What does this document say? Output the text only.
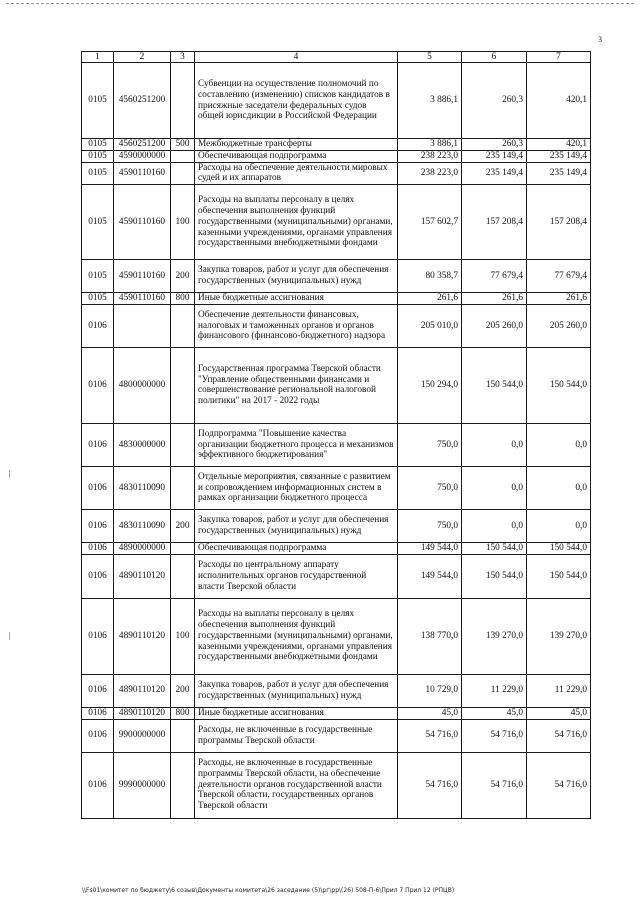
3
1	2	3	4	5	6	7
0105	4560251200		Субвенции на осуществление полномочий по составлению (изменению) списков кандидатов в присяжные заседатели федеральных судов общей юрисдикции в Российской Федерации	3 886,1	260,3	420,1
0105	4560251200	500	Межбюджетные трансферты	3 886,1	260,3	420,1
0105	4590000000		Обеспечивающая подпрограмма	238 223,0	235 149,4	235 149,4
0105	4590110160		Расходы на обеспечение деятельности мировых судей и их аппаратов	238 223,0	235 149,4	235 149,4
0105	4590110160	100	Расходы на выплаты персоналу в целях обеспечения выполнения функций государственными (муниципальными) органами, казенными учреждениями, органами управления государственными внебюджетными фондами	157 602,7	157 208,4	157 208,4
0105	4590110160	200	Закупка товаров, работ и услуг для обеспечения государственных (муниципальных) нужд	80 358,7	77 679,4	77 679,4
0105	4590110160	800	Иные бюджетные ассигнования	261,6	261,6	261,6
0106			Обеспечение деятельности финансовых, налоговых и таможенных органов и органов финансового (финансово-бюджетного) надзора	205 010,0	205 260,0	205 260,0
0106	4800000000		Государственная программа Тверской области "Управление общественными финансами и совершенствование региональной налоговой политики" на 2017 - 2022 годы	150 294,0	150 544,0	150 544,0
0106	4830000000		Подпрограмма "Повышение качества организации бюджетного процесса и механизмов эффективного бюджетирования"	750,0	0,0	0,0
0106	4830110090		Отдельные мероприятия, связанные с развитием и сопровождением информационных систем в рамках организации бюджетного процесса	750,0	0,0	0,0
0106	4830110090	200	Закупка товаров, работ и услуг для обеспечения государственных (муниципальных) нужд	750,0	0,0	0,0
0106	4890000000		Обеспечивающая подпрограмма	149 544,0	150 544,0	150 544,0
0106	4890110120		Расходы по центральному аппарату исполнительных органов государственной власти Тверской области	149 544,0	150 544,0	150 544,0
0106	4890110120	100	Расходы на выплаты персоналу в целях обеспечения выполнения функций государственными (муниципальными) органами, казенными учреждениями, органами управления государственными внебюджетными фондами	138 770,0	139 270,0	139 270,0
0106	4890110120	200	Закупка товаров, работ и услуг для обеспечения государственных (муниципальных) нужд	10 729,0	11 229,0	11 229,0
0106	4890110120	800	Иные бюджетные ассигнования	45,0	45,0	45,0
0106	9900000000		Расходы, не включенные в государственные программы Тверской области	54 716,0	54 716,0	54 716,0
0106	9990000000		Расходы, не включенные в государственные программы Тверской области, на обеспечение деятельности органов государственной власти Тверской области, государственных органов Тверской области	54 716,0	54 716,0	54 716,0
\\Fs01\комитет по бюджету\6 созыв\Документы комитета\26 заседание (5)\рг\рр\(26) 508-П-6\Прил 7 Прил 12 (РПЦВ)
